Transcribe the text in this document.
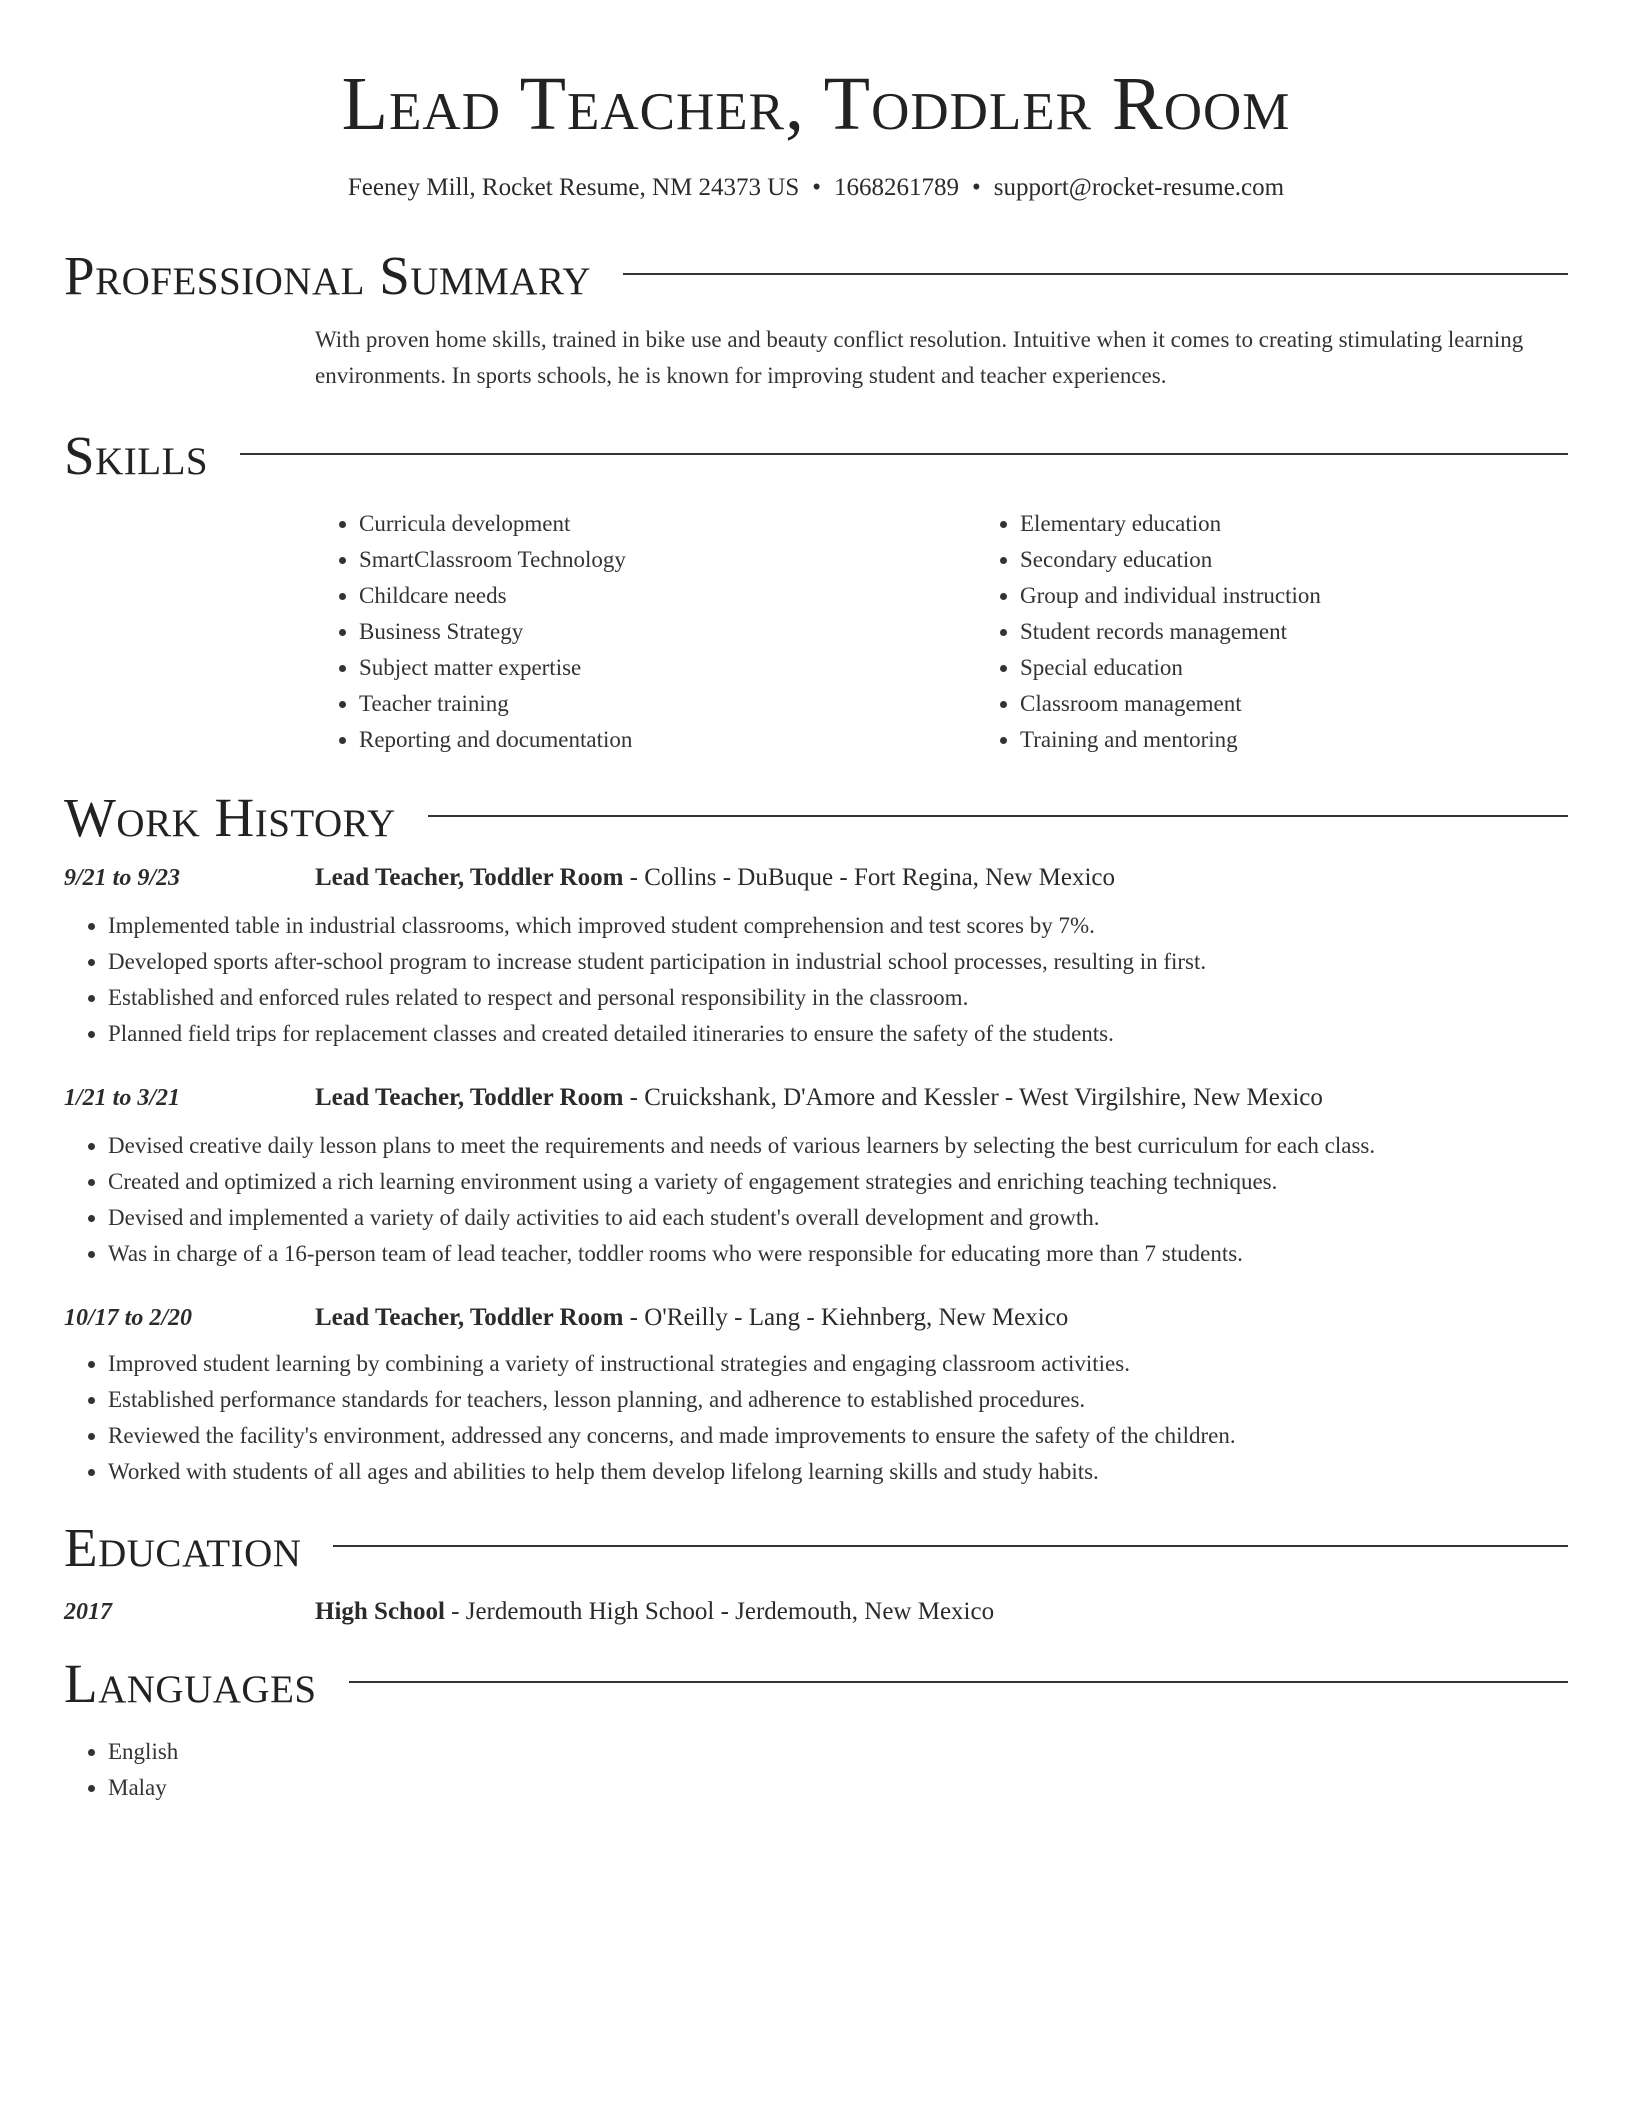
Lead Teacher, Toddler Room
Feeney Mill, Rocket Resume, NM 24373 US • 1668261789 • support@rocket-resume.com
Professional Summary

With proven home skills, trained in bike use and beauty conflict resolution. Intuitive when it comes to creating stimulating learning environments. In sports schools, he is known for improving student and teacher experiences.

Skills
• Curricula development
• SmartClassroom Technology
• Childcare needs
• Business Strategy
• Subject matter expertise
• Teacher training
• Reporting and documentation
• Elementary education
• Secondary education
• Group and individual instruction
• Student records management
• Special education
• Classroom management
• Training and mentoring
Work History
9/21 to 9/23	Lead Teacher, Toddler Room - Collins - DuBuque - Fort Regina, New Mexico
• Implemented table in industrial classrooms, which improved student comprehension and test scores by 7%.
• Developed sports after-school program to increase student participation in industrial school processes, resulting in first.
• Established and enforced rules related to respect and personal responsibility in the classroom.
• Planned field trips for replacement classes and created detailed itineraries to ensure the safety of the students.
1/21 to 3/21	Lead Teacher, Toddler Room - Cruickshank, D'Amore and Kessler - West Virgilshire, New Mexico
• Devised creative daily lesson plans to meet the requirements and needs of various learners by selecting the best curriculum for each class.
• Created and optimized a rich learning environment using a variety of engagement strategies and enriching teaching techniques.
• Devised and implemented a variety of daily activities to aid each student's overall development and growth.
• Was in charge of a 16-person team of lead teacher, toddler rooms who were responsible for educating more than 7 students.
10/17 to 2/20	Lead Teacher, Toddler Room - O'Reilly - Lang - Kiehnberg, New Mexico
• Improved student learning by combining a variety of instructional strategies and engaging classroom activities.
• Established performance standards for teachers, lesson planning, and adherence to established procedures.
• Reviewed the facility's environment, addressed any concerns, and made improvements to ensure the safety of the children.
• Worked with students of all ages and abilities to help them develop lifelong learning skills and study habits.
Education
2017	High School - Jerdemouth High School - Jerdemouth, New Mexico
Languages
• English
• Malay
